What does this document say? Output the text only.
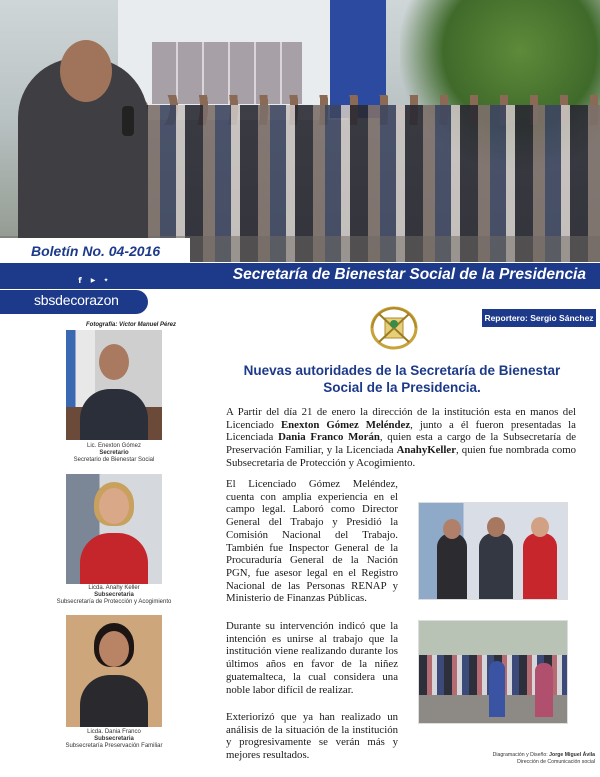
Boletín No. 04-2016
Secretaría de Bienestar Social de la Presidencia
f	▶	✦
sbsdecorazon
Reportero: Sergio Sánchez
Fotografía: Víctor Manuel Pérez
Lic. Enexton Gómez
Secretario
Secretario de Bienestar Social
Licda. Anahy Keller
Subsecretaria
Subsecretaría de Protección y Acogimiento
Licda. Dania Franco
Subsecretaria
Subsecretaría Preservación Familiar
Nuevas autoridades de la Secretaría de Bienestar Social de la Presidencia.
A Partir del día 21 de enero la dirección de la institución esta en manos del Licenciado Enexton Gómez Meléndez, junto a él fueron presentadas la Licenciada Dania Franco Morán, quien esta a cargo de la Subsecretaría de Preservación Familiar, y la Licenciada AnahyKeller, quien fue nombrada como Subsecretaria de Protección y Acogimiento.
El Licenciado Gómez Meléndez, cuenta con amplia experiencia en el campo legal. Laboró como Director General del Trabajo y Presidió la Comisión Nacional del Trabajo. También fue Inspector General de la Procuraduría General de la Nación PGN, fue asesor legal en el Registro Nacional de las Personas RENAP y Ministerio de Finanzas Públicas.
Durante su intervención indicó que la intención es unirse al trabajo que la institución viene realizando durante los últimos años en favor de la niñez guatemalteca, la cual considera una noble labor difícil de realizar.
Exteriorizó que ya han realizado un análisis de la situación de la institución y progresivamente se verán más y mejores resultados.	Diagramación y Diseño: Jorge Miguel Ávila
Dirección de Comunicación social
